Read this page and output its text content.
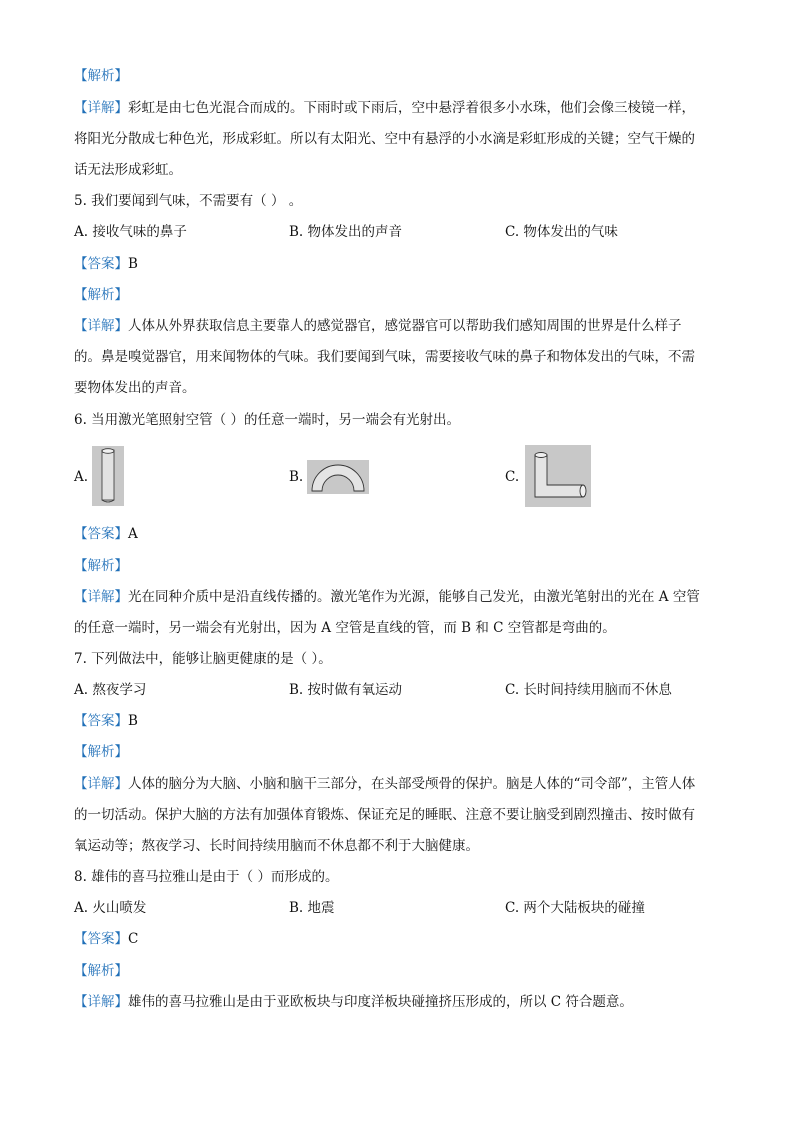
【解析】
【详解】彩虹是由七色光混合而成的。下雨时或下雨后，空中悬浮着很多小水珠，他们会像三棱镜一样，
将阳光分散成七种色光，形成彩虹。所以有太阳光、空中有悬浮的小水滴是彩虹形成的关键；空气干燥的
话无法形成彩虹。
5. 我们要闻到气味，不需要有（ ） 。
A. 接收气味的鼻子	B. 物体发出的声音	C. 物体发出的气味
【答案】B
【解析】
【详解】人体从外界获取信息主要靠人的感觉器官，感觉器官可以帮助我们感知周围的世界是什么样子
的。鼻是嗅觉器官，用来闻物体的气味。我们要闻到气味，需要接收气味的鼻子和物体发出的气味，不需
要物体发出的声音。
6. 当用激光笔照射空管（ ）的任意一端时，另一端会有光射出。
A.	B.	C.
【答案】A
【解析】
【详解】光在同种介质中是沿直线传播的。激光笔作为光源，能够自己发光，由激光笔射出的光在 A 空管
的任意一端时，另一端会有光射出，因为 A 空管是直线的管，而 B 和 C 空管都是弯曲的。
7. 下列做法中，能够让脑更健康的是（ ）。
A. 熬夜学习	B. 按时做有氧运动	C. 长时间持续用脑而不休息
【答案】B
【解析】
【详解】人体的脑分为大脑、小脑和脑干三部分，在头部受颅骨的保护。脑是人体的“司令部”，主管人体
的一切活动。保护大脑的方法有加强体育锻炼、保证充足的睡眠、注意不要让脑受到剧烈撞击、按时做有
氧运动等；熬夜学习、长时间持续用脑而不休息都不利于大脑健康。
8. 雄伟的喜马拉雅山是由于（ ）而形成的。
A. 火山喷发	B. 地震	C. 两个大陆板块的碰撞
【答案】C
【解析】
【详解】雄伟的喜马拉雅山是由于亚欧板块与印度洋板块碰撞挤压形成的，所以 C 符合题意。
